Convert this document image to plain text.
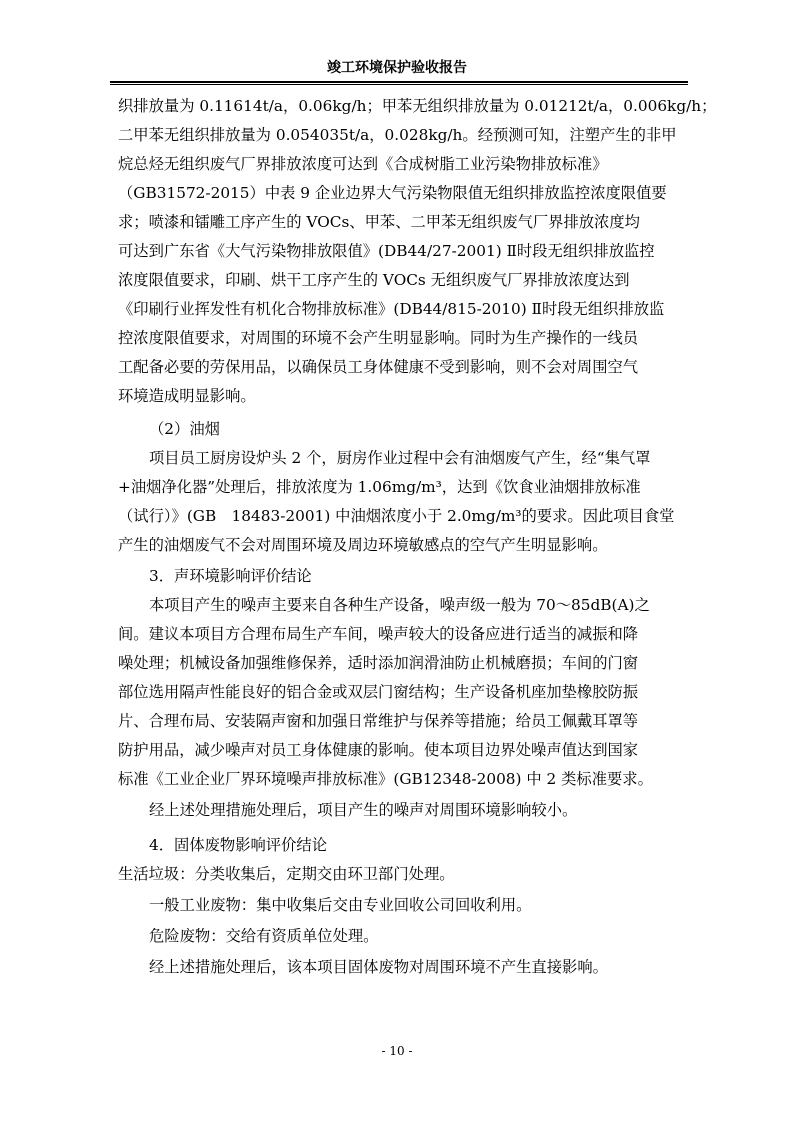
竣工环境保护验收报告

织排放量为 0.11614t/a，0.06kg/h；甲苯无组织排放量为 0.01212t/a，0.006kg/h；

二甲苯无组织排放量为 0.054035t/a，0.028kg/h。经预测可知，注塑产生的非甲

烷总烃无组织废气厂界排放浓度可达到《合成树脂工业污染物排放标准》

（GB31572-2015）中表 9 企业边界大气污染物限值无组织排放监控浓度限值要

求；喷漆和镭雕工序产生的 VOCs、甲苯、二甲苯无组织废气厂界排放浓度均

可达到广东省《大气污染物排放限值》(DB44/27-2001) Ⅱ时段无组织排放监控

浓度限值要求，印刷、烘干工序产生的 VOCs 无组织废气厂界排放浓度达到

《印刷行业挥发性有机化合物排放标准》(DB44/815-2010) Ⅱ时段无组织排放监

控浓度限值要求，对周围的环境不会产生明显影响。同时为生产操作的一线员

工配备必要的劳保用品，以确保员工身体健康不受到影响，则不会对周围空气

环境造成明显影响。

（2）油烟

项目员工厨房设炉头 2 个，厨房作业过程中会有油烟废气产生，经“集气罩

+油烟净化器”处理后，排放浓度为 1.06mg/m³，达到《饮食业油烟排放标准

（试行）》(GB　18483-2001) 中油烟浓度小于 2.0mg/m³的要求。因此项目食堂

产生的油烟废气不会对周围环境及周边环境敏感点的空气产生明显影响。

3．声环境影响评价结论

本项目产生的噪声主要来自各种生产设备，噪声级一般为 70～85dB(A)之

间。建议本项目方合理布局生产车间，噪声较大的设备应进行适当的减振和降

噪处理；机械设备加强维修保养，适时添加润滑油防止机械磨损；车间的门窗

部位选用隔声性能良好的铝合金或双层门窗结构；生产设备机座加垫橡胶防振

片、合理布局、安装隔声窗和加强日常维护与保养等措施；给员工佩戴耳罩等

防护用品，减少噪声对员工身体健康的影响。使本项目边界处噪声值达到国家

标准《工业企业厂界环境噪声排放标准》(GB12348-2008) 中 2 类标准要求。

经上述处理措施处理后，项目产生的噪声对周围环境影响较小。

4．固体废物影响评价结论

生活垃圾：分类收集后，定期交由环卫部门处理。

一般工业废物：集中收集后交由专业回收公司回收利用。

危险废物：交给有资质单位处理。

经上述措施处理后，该本项目固体废物对周围环境不产生直接影响。

- 10 -
